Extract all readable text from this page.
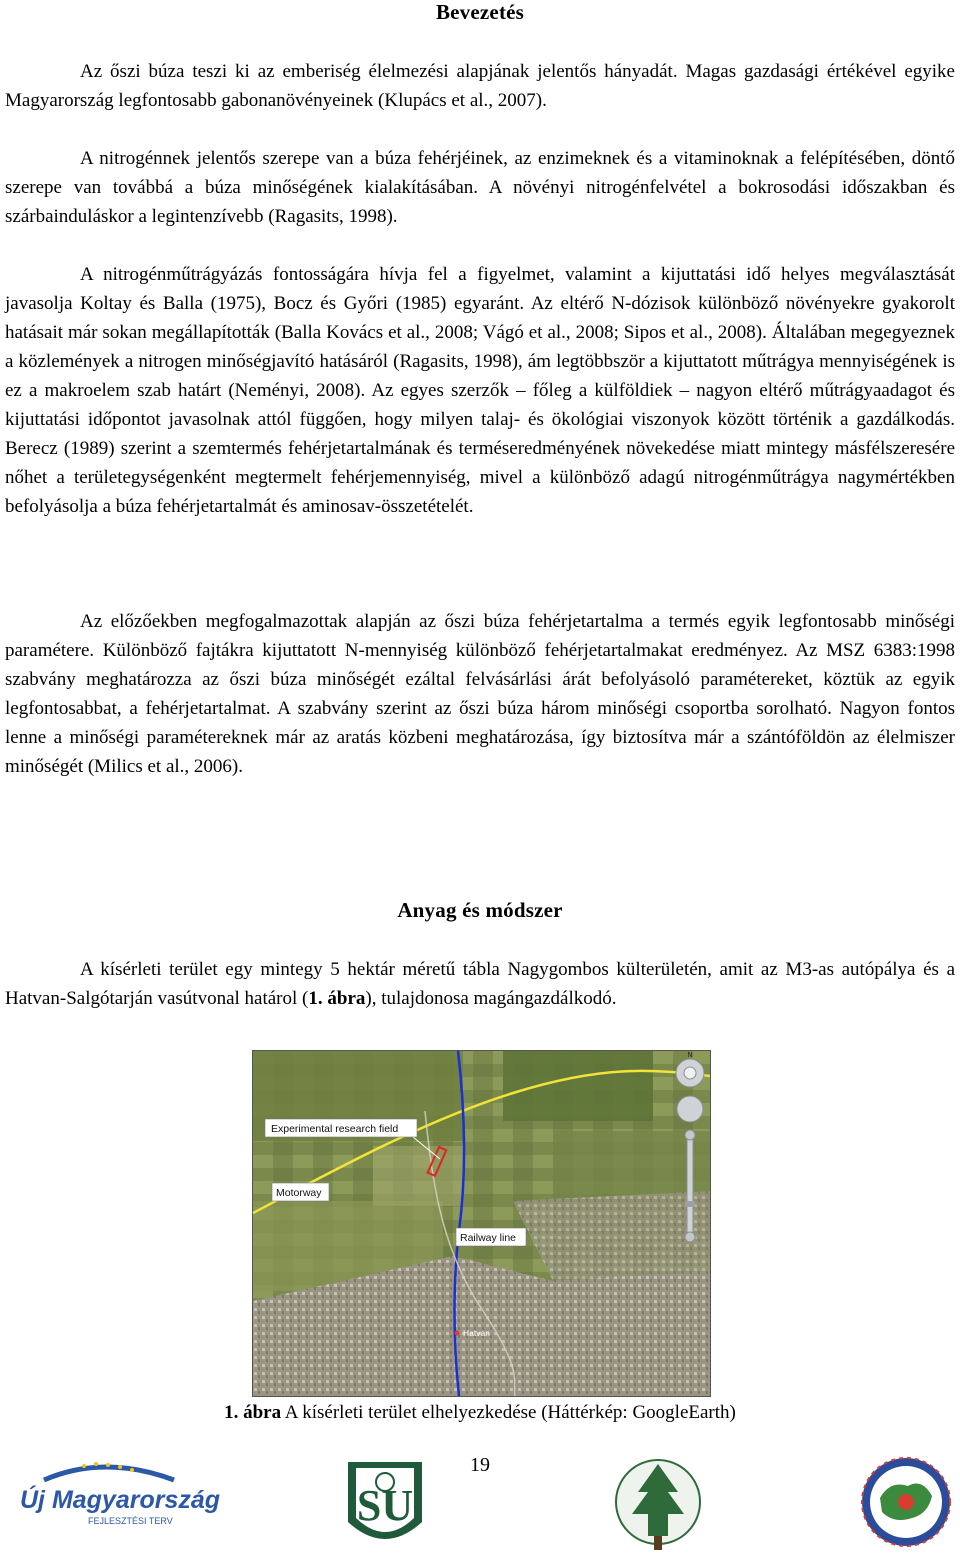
Bevezetés

Az őszi búza teszi ki az emberiség élelmezési alapjának jelentős hányadát. Magas gazdasági értékével egyike Magyarország legfontosabb gabonanövényeinek (Klupács et al., 2007).

A nitrogénnek jelentős szerepe van a búza fehérjéinek, az enzimeknek és a vitaminoknak a felépítésében, döntő szerepe van továbbá a búza minőségének kialakításában. A növényi nitrogénfelvétel a bokrosodási időszakban és szárbainduláskor a legintenzívebb (Ragasits, 1998).

A nitrogénműtrágyázás fontosságára hívja fel a figyelmet, valamint a kijuttatási idő helyes megválasztását javasolja Koltay és Balla (1975), Bocz és Győri (1985) egyaránt. Az eltérő N-dózisok különböző növényekre gyakorolt hatásait már sokan megállapították (Balla Kovács et al., 2008; Vágó et al., 2008; Sipos et al., 2008). Általában megegyeznek a közlemények a nitrogen minőségjavító hatásáról (Ragasits, 1998), ám legtöbbször a kijuttatott műtrágya mennyiségének is ez a makroelem szab határt (Neményi, 2008). Az egyes szerzők – főleg a külföldiek – nagyon eltérő műtrágyaadagot és kijuttatási időpontot javasolnak attól függően, hogy milyen talaj- és ökológiai viszonyok között történik a gazdálkodás. Berecz (1989) szerint a szemtermés fehérjetartalmának és terméseredményének növekedése miatt mintegy másfélszeresére nőhet a területegységenként megtermelt fehérjemennyiség, mivel a különböző adagú nitrogénműtrágya nagymértékben befolyásolja a búza fehérjetartalmát és aminosav-összetételét.

Az előzőekben megfogalmazottak alapján az őszi búza fehérjetartalma a termés egyik legfontosabb minőségi paramétere. Különböző fajtákra kijuttatott N-mennyiség különböző fehérjetartalmakat eredményez. Az MSZ 6383:1998 szabvány meghatározza az őszi búza minőségét ezáltal felvásárlási árát befolyásoló paramétereket, köztük az egyik legfontosabbat, a fehérjetartalmat. A szabvány szerint az őszi búza három minőségi csoportba sorolható. Nagyon fontos lenne a minőségi paramétereknek már az aratás közbeni meghatározása, így biztosítva már a szántóföldön az élelmiszer minőségét (Milics et al., 2006).

Anyag és módszer

A kísérleti terület egy mintegy 5 hektár méretű tábla Nagygombos külterületén, amit az M3-as autópálya és a Hatvan-Salgótarján vasútvonal határol (1. ábra), tulajdonosa magángazdálkodó.

N
Experimental research field
Motorway
Railway line
Hatvan
1. ábra A kísérleti terület elhelyezkedése (Háttérkép: GoogleEarth)
19
Új Magyarország
FEJLESZTÉSI TERV	SU
